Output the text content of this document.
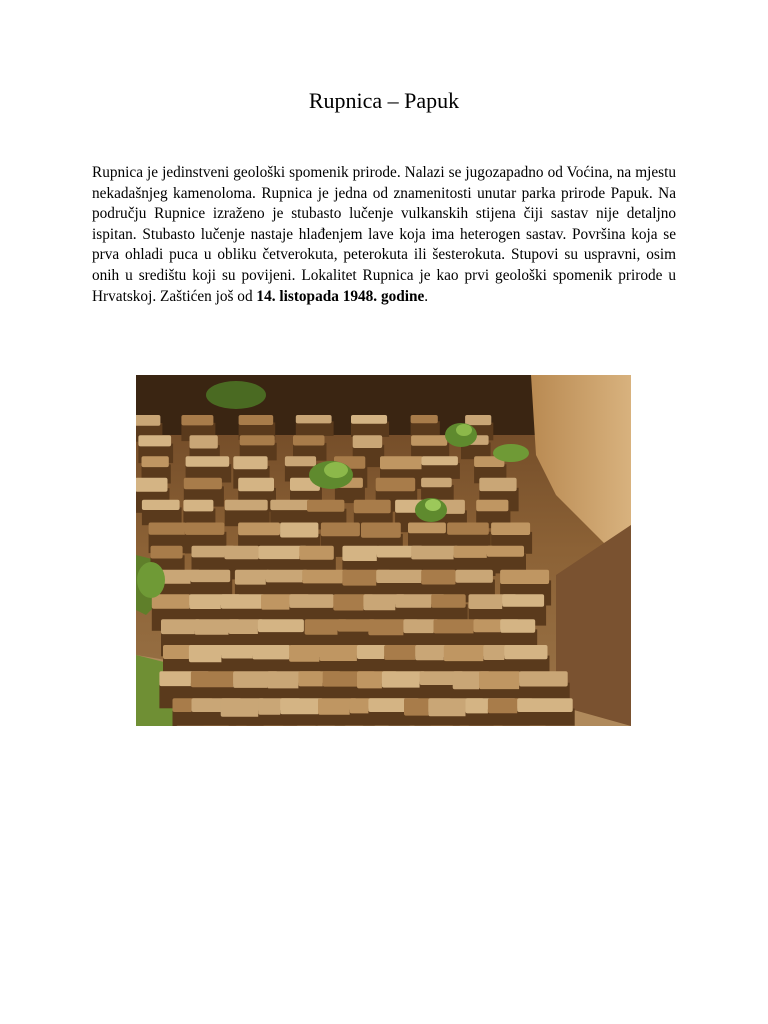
Rupnica – Papuk

Rupnica je jedinstveni geološki spomenik prirode. Nalazi se jugozapadno od Voćina, na mjestu nekadašnjeg kamenoloma. Rupnica je jedna od znamenitosti unutar parka prirode Papuk. Na području Rupnice izraženo je stubasto lučenje vulkanskih stijena čiji sastav nije detaljno ispitan. Stubasto lučenje nastaje hlađenjem lave koja ima heterogen sastav. Površina koja se prva ohladi puca u obliku četverokuta, peterokuta ili šesterokuta. Stupovi su uspravni, osim onih u središtu koji su povijeni. Lokalitet Rupnica je kao prvi geološki spomenik prirode u Hrvatskoj. Zaštićen još od 14. listopada 1948. godine.
